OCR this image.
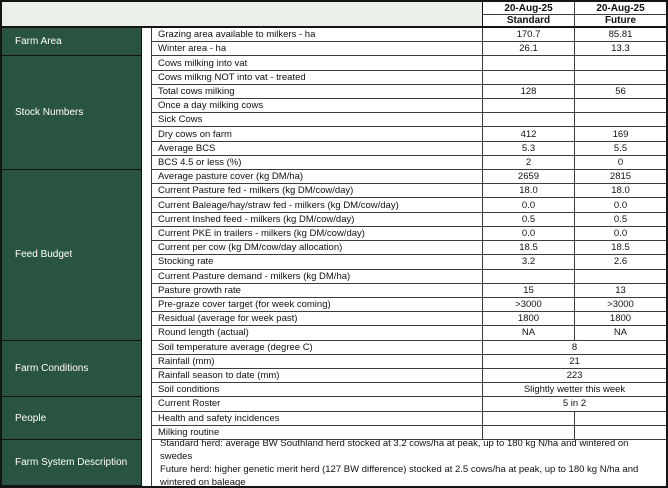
20-Aug-25	20-Aug-25
Standard	Future
Farm Area
Grazing area available to milkers - ha	170.7	85.81
Winter area - ha	26.1	13.3
Stock Numbers
Cows milking into vat
Cows milkng NOT into vat - treated
Total cows milking	128	56
Once a day milking cows
Sick Cows
Dry cows on farm	412	169
Average BCS	5.3	5.5
BCS 4.5 or less (%)	2	0
Feed Budget
Average pasture cover (kg DM/ha)	2659	2815
Current Pasture fed - milkers (kg DM/cow/day)	18.0	18.0
Current Baleage/hay/straw fed - milkers (kg DM/cow/day)	0.0	0.0
Current Inshed feed - milkers (kg DM/cow/day)	0.5	0.5
Current PKE in trailers - milkers (kg DM/cow/day)	0.0	0.0
Current per cow (kg DM/cow/day allocation)	18.5	18.5
Stocking rate	3.2	2.6
Current Pasture demand - milkers (kg DM/ha)
Pasture growth rate	15	13
Pre-graze cover target (for week coming)	>3000	>3000
Residual (average for week past)	1800	1800
Round length (actual)	NA	NA
Farm Conditions
Soil temperature average (degree C)	8
Rainfall (mm)	21
Rainfall season to date (mm)	223
Soil conditions	Slightly wetter this week
People
Current Roster	5 in 2
Health and safety incidences
Milking routine
Farm System Description
Standard herd: average BW Southland herd stocked at 3.2 cows/ha at peak, up to 180 kg N/ha and wintered on swedes
Future herd: higher genetic merit herd (127 BW difference) stocked at 2.5 cows/ha at peak, up to 180 kg N/ha and wintered on baleage
